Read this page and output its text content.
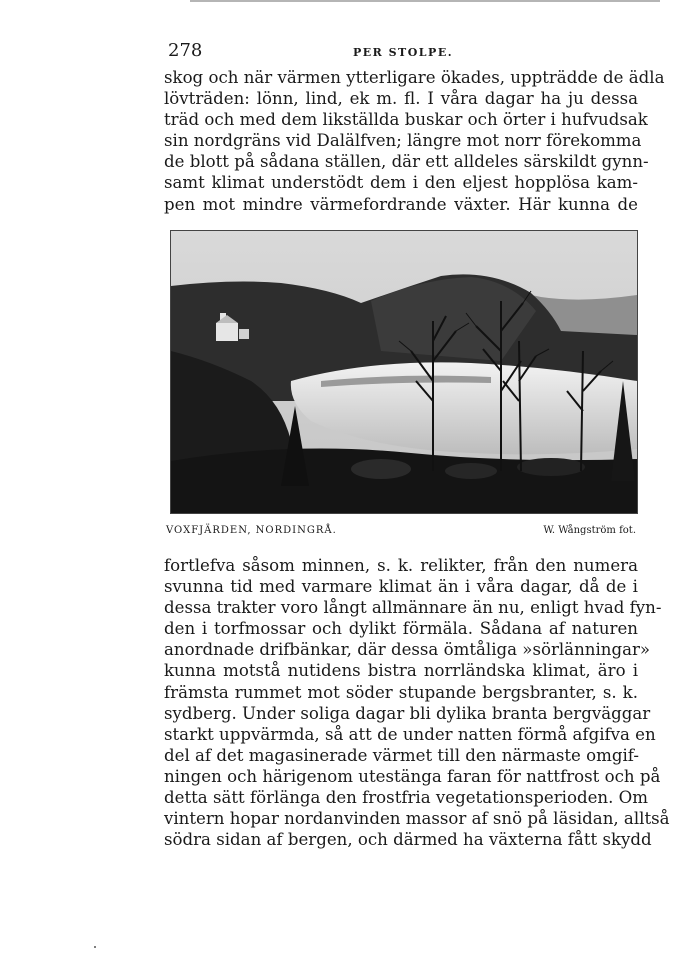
278	PER STOLPE.

skog och när värmen ytterligare ökades, uppträdde de ädla
lövträden: lönn, lind, ek m. fl. I våra dagar ha ju dessa
träd och med dem likställda buskar och örter i hufvudsak
sin nordgräns vid Dalälfven; längre mot norr förekomma
de blott på sådana ställen, där ett alldeles särskildt gynn-
samt klimat understödt dem i den eljest hopplösa kam-
pen mot mindre värmefordrande växter. Här kunna de

VOXFJÄRDEN, NORDINGRÅ.	W. Wångström fot.

fortlefva såsom minnen, s. k. relikter, från den numera
svunna tid med varmare klimat än i våra dagar, då de i
dessa trakter voro långt allmännare än nu, enligt hvad fyn-
den i torfmossar och dylikt förmäla. Sådana af naturen
anordnade drifbänkar, där dessa ömtåliga »sörlänningar»
kunna motstå nutidens bistra norrländska klimat, äro i
främsta rummet mot söder stupande bergsbranter, s. k.
sydberg. Under soliga dagar bli dylika branta bergväggar
starkt uppvärmda, så att de under natten förmå afgifva en
del af det magasinerade värmet till den närmaste omgif-
ningen och härigenom utestänga faran för nattfrost och på
detta sätt förlänga den frostfria vegetationsperioden. Om
vintern hopar nordanvinden massor af snö på läsidan, alltså
södra sidan af bergen, och därmed ha växterna fått skydd
